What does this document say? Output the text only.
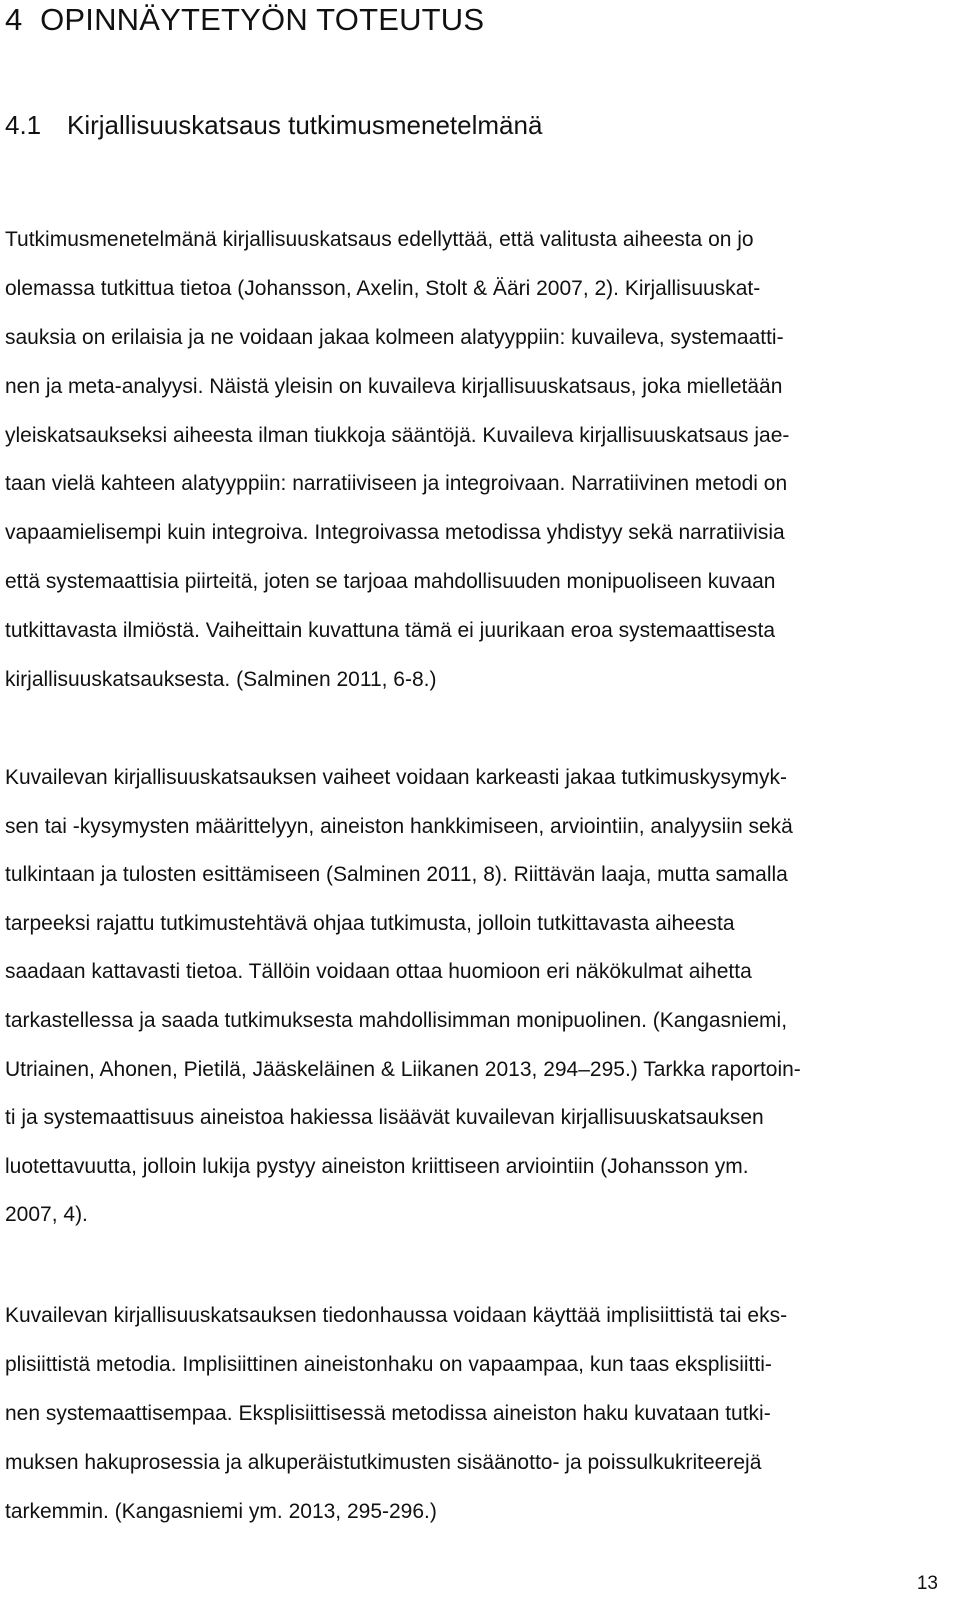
4  OPINNÄYTETYÖN TOTEUTUS
4.1 Kirjallisuuskatsaus tutkimusmenetelmänä

Tutkimusmenetelmänä kirjallisuuskatsaus edellyttää, että valitusta aiheesta on jo
olemassa tutkittua tietoa (Johansson, Axelin, Stolt & Ääri 2007, 2). Kirjallisuuskat-
sauksia on erilaisia ja ne voidaan jakaa kolmeen alatyyppiin: kuvaileva, systemaatti-
nen ja meta-analyysi. Näistä yleisin on kuvaileva kirjallisuuskatsaus, joka mielletään
yleiskatsaukseksi aiheesta ilman tiukkoja sääntöjä. Kuvaileva kirjallisuuskatsaus jae-
taan vielä kahteen alatyyppiin: narratiiviseen ja integroivaan. Narratiivinen metodi on
vapaamielisempi kuin integroiva. Integroivassa metodissa yhdistyy sekä narratiivisia
että systemaattisia piirteitä, joten se tarjoaa mahdollisuuden monipuoliseen kuvaan
tutkittavasta ilmiöstä. Vaiheittain kuvattuna tämä ei juurikaan eroa systemaattisesta
kirjallisuuskatsauksesta. (Salminen 2011, 6-8.)

Kuvailevan kirjallisuuskatsauksen vaiheet voidaan karkeasti jakaa tutkimuskysymyk-
sen tai -kysymysten määrittelyyn, aineiston hankkimiseen, arviointiin, analyysiin sekä
tulkintaan ja tulosten esittämiseen (Salminen 2011, 8). Riittävän laaja, mutta samalla
tarpeeksi rajattu tutkimustehtävä ohjaa tutkimusta, jolloin tutkittavasta aiheesta
saadaan kattavasti tietoa. Tällöin voidaan ottaa huomioon eri näkökulmat aihetta
tarkastellessa ja saada tutkimuksesta mahdollisimman monipuolinen. (Kangasniemi,
Utriainen, Ahonen, Pietilä, Jääskeläinen & Liikanen 2013, 294–295.) Tarkka raportoin-
ti ja systemaattisuus aineistoa hakiessa lisäävät kuvailevan kirjallisuuskatsauksen
luotettavuutta, jolloin lukija pystyy aineiston kriittiseen arviointiin (Johansson ym.
2007, 4).

Kuvailevan kirjallisuuskatsauksen tiedonhaussa voidaan käyttää implisiittistä tai eks-
plisiittistä metodia. Implisiittinen aineistonhaku on vapaampaa, kun taas eksplisiitti-
nen systemaattisempaa. Eksplisiittisessä metodissa aineiston haku kuvataan tutki-
muksen hakuprosessia ja alkuperäistutkimusten sisäänotto- ja poissulkukriteerejä
tarkemmin. (Kangasniemi ym. 2013, 295-296.)

13
